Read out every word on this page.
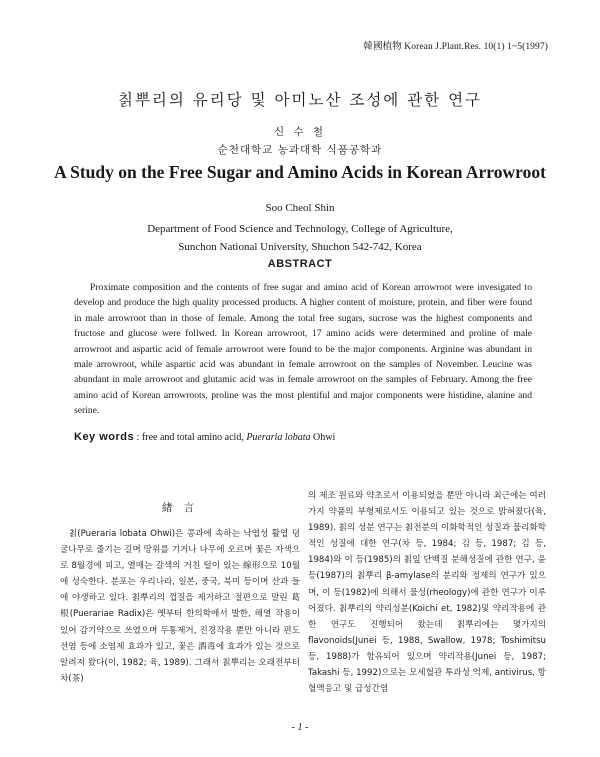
韓國植物 Korean J.Plant.Res. 10(1) 1~5(1997)
칡뿌리의 유리당 및 아미노산 조성에 관한 연구
신 수 철
순천대학교 농과대학 식품공학과
A Study on the Free Sugar and Amino Acids in Korean Arrowroot
Soo Cheol Shin
Department of Food Science and Technology, College of Agriculture,
Sunchon National University, Shuchon 542-742, Korea
ABSTRACT

Proximate composition and the contents of free sugar and amino acid of Korean arrowroot were invesigated to develop and produce the high quality processed products. A higher content of moisture, protein, and fiber were found in male arrowroot than in those of female. Among the total free sugars, sucrose was the highest components and fructose and glucose were follwed. In Korean arrowroot, 17 amino acids were determined and proline of male arrowroot and aspartic acid of female arrowroot were found to be the major components. Arginine was abundant in male arrowroot, while aspartic acid was abundant in female arrowroot on the samples of November. Leucine was abundant in male arrowroot and glutamic acid was in female arrowroot on the samples of February. Among the free amino acid of Korean arrowroots, proline was the most plentiful and major components were histidine, alanine and serine.

Key words : free and total amino acid, Pueraria lobata Ohwi
緖 言

칡(Pueraria lobata Ohwi)은 콩과에 속하는 낙엽성 활엽 덩굴나무로 줄기는 길며 땅위를 기거나 나무에 오르며 꽃은 자색으로 8월경에 피고, 열매는 갈색의 거친 털이 있는 線形으로 10월에 성숙한다. 분포는 우리나라, 일본, 중국, 북미 등이며 산과 들에 야생하고 있다. 칡뿌리의 껍질을 제거하고 절편으로 말린 葛根(Puerariae Radix)은 옛부터 한의학에서 발한, 해열 작용이 있어 감기약으로 쓰였으며 두통제거, 진경작용 뿐만 아니라 편도선염 등에 소염제 효과가 있고, 꽃은 酒毒에 효과가 있는 것으로 알려져 왔다(이, 1982; 육, 1989). 그래서 칡뿌리는 오래전부터 차(茶)

의 제조 원료와 약초로서 이용되었을 뿐만 아니라 최근에는 여러 가지 약품의 부형제로서도 이용되고 있는 것으로 밝혀졌다(육, 1989). 칡의 성분 연구는 칡전분의 이화학적인 성질과 물리화학적인 성질에 대한 연구(차 등, 1984; 김 등, 1987; 김 등, 1984)와 이 등(1985)의 칡잎 단백질 분해성질에 관한 연구, 윤 등(1987)의 칡뿌리 β-amylase의 분리와 정제의 연구가 있으며, 이 등(1982)에 의해서 물성(rheology)에 관한 연구가 이루어졌다. 칡뿌리의 약리성분(Koichi et, 1982)및 약리작용에 관한 연구도 진행되어 왔는데 칡뿌리에는 몇가지의 flavonoids(Junei 등, 1988, Swallow, 1978; Toshimitsu 등, 1988)가 함유되어 있으며 약리작용(Junei 등, 1987; Takashi 등, 1992)으로는 모세혈관 투과성 억제, antivirus, 항혈액응고 및 급성간염

- 1 -
